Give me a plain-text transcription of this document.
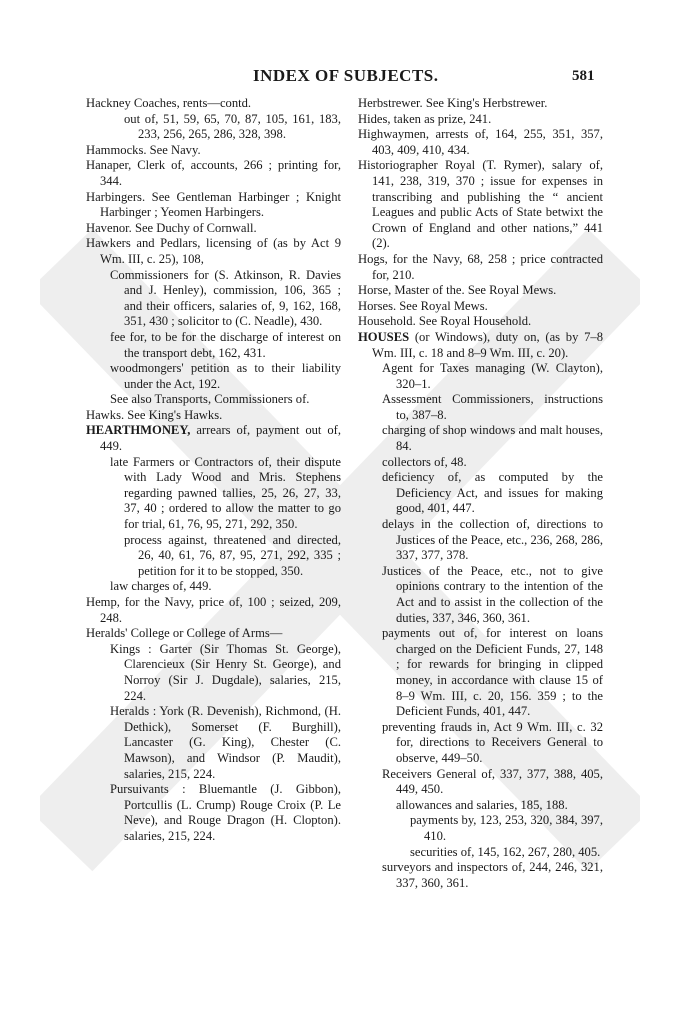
INDEX OF SUBJECTS.	581
Hackney Coaches, rents—contd.
out of, 51, 59, 65, 70, 87, 105, 161, 183, 233, 256, 265, 286, 328, 398.
Hammocks. See Navy.
Hanaper, Clerk of, accounts, 266 ; printing for, 344.
Harbingers. See Gentleman Harbinger ; Knight Harbinger ; Yeomen Harbingers.
Havenor. See Duchy of Cornwall.
Hawkers and Pedlars, licensing of (as by Act 9 Wm. III, c. 25), 108,
Commissioners for (S. Atkinson, R. Davies and J. Henley), commission, 106, 365 ; and their officers, salaries of, 9, 162, 168, 351, 430 ; solicitor to (C. Neadle), 430.
fee for, to be for the discharge of interest on the transport debt, 162, 431.
woodmongers' petition as to their liability under the Act, 192.
See also Transports, Commissioners of.
Hawks. See King's Hawks.
HEARTHMONEY, arrears of, payment out of, 449.
late Farmers or Contractors of, their dispute with Lady Wood and Mris. Stephens regarding pawned tallies, 25, 26, 27, 33, 37, 40 ; ordered to allow the matter to go for trial, 61, 76, 95, 271, 292, 350.
process against, threatened and directed, 26, 40, 61, 76, 87, 95, 271, 292, 335 ; petition for it to be stopped, 350.
law charges of, 449.
Hemp, for the Navy, price of, 100 ; seized, 209, 248.
Heralds' College or College of Arms—
Kings : Garter (Sir Thomas St. George), Clarencieux (Sir Henry St. George), and Norroy (Sir J. Dugdale), salaries, 215, 224.
Heralds : York (R. Devenish), Richmond, (H. Dethick), Somerset (F. Burghill), Lancaster (G. King), Chester (C. Mawson), and Windsor (P. Maudit), salaries, 215, 224.
Pursuivants : Bluemantle (J. Gibbon), Portcullis (L. Crump) Rouge Croix (P. Le Neve), and Rouge Dragon (H. Clopton). salaries, 215, 224.
Herbstrewer. See King's Herbstrewer.
Hides, taken as prize, 241.
Highwaymen, arrests of, 164, 255, 351, 357, 403, 409, 410, 434.
Historiographer Royal (T. Rymer), salary of, 141, 238, 319, 370 ; issue for expenses in transcribing and publishing the “ ancient Leagues and public Acts of State betwixt the Crown of England and other nations,” 441 (2).
Hogs, for the Navy, 68, 258 ; price contracted for, 210.
Horse, Master of the. See Royal Mews.
Horses. See Royal Mews.
Household. See Royal Household.
HOUSES (or Windows), duty on, (as by 7–8 Wm. III, c. 18 and 8–9 Wm. III, c. 20).
Agent for Taxes managing (W. Clayton), 320–1.
Assessment Commissioners, instructions to, 387–8.
charging of shop windows and malt houses, 84.
collectors of, 48.
deficiency of, as computed by the Deficiency Act, and issues for making good, 401, 447.
delays in the collection of, directions to Justices of the Peace, etc., 236, 268, 286, 337, 377, 378.
Justices of the Peace, etc., not to give opinions contrary to the intention of the Act and to assist in the collection of the duties, 337, 346, 360, 361.
payments out of, for interest on loans charged on the Deficient Funds, 27, 148 ; for rewards for bringing in clipped money, in accordance with clause 15 of 8–9 Wm. III, c. 20, 156. 359 ; to the Deficient Funds, 401, 447.
preventing frauds in, Act 9 Wm. III, c. 32 for, directions to Receivers General to observe, 449–50.
Receivers General of, 337, 377, 388, 405, 449, 450.
allowances and salaries, 185, 188.
payments by, 123, 253, 320, 384, 397, 410.
securities of, 145, 162, 267, 280, 405.
surveyors and inspectors of, 244, 246, 321, 337, 360, 361.
